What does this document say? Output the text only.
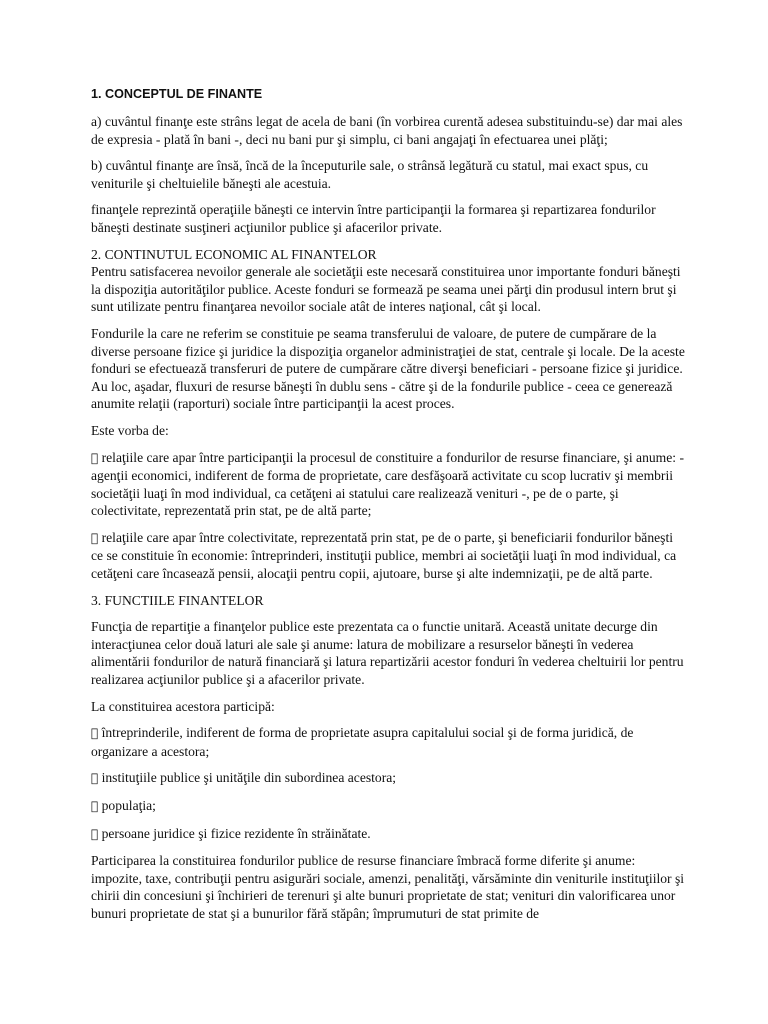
1. CONCEPTUL DE FINANTE

a) cuvântul finanţe este strâns legat de acela de bani (în vorbirea curentă adesea substituindu-se) dar mai ales de expresia - plată în bani -, deci nu bani pur şi simplu, ci bani angajaţi în efectuarea unei plăţi;

b) cuvântul finanţe are însă, încă de la începuturile sale, o strânsă legătură cu statul, mai exact spus, cu veniturile şi cheltuielile băneşti ale acestuia.

finanţele reprezintă operaţiile băneşti ce intervin între participanţii la formarea şi repartizarea fondurilor băneşti destinate susţineri acţiunilor publice şi afacerilor private.

2. CONTINUTUL ECONOMIC AL FINANTELOR

Pentru satisfacerea nevoilor generale ale societăţii este necesară constituirea unor importante fonduri băneşti la dispoziţia autorităţilor publice. Aceste fonduri se formează pe seama unei părţi din produsul intern brut şi sunt utilizate pentru finanţarea nevoilor sociale atât de interes naţional, cât şi local.

Fondurile la care ne referim se constituie pe seama transferului de valoare, de putere de cumpărare de la diverse persoane fizice şi juridice la dispoziţia organelor administraţiei de stat, centrale şi locale. De la aceste fonduri se efectuează transferuri de putere de cumpărare către diverşi beneficiari - persoane fizice şi juridice. Au loc, aşadar, fluxuri de resurse băneşti în dublu sens - către şi de la fondurile publice - ceea ce generează anumite relaţii (raporturi) sociale între participanţii la acest proces.

Este vorba de:

relaţiile care apar între participanţii la procesul de constituire a fondurilor de resurse financiare, şi anume: - agenţii economici, indiferent de forma de proprietate, care desfăşoară activitate cu scop lucrativ şi membrii societăţii luaţi în mod individual, ca cetăţeni ai statului care realizează venituri -, pe de o parte, şi colectivitate, reprezentată prin stat, pe de altă parte;
relaţiile care apar între colectivitate, reprezentată prin stat, pe de o parte, şi beneficiarii fondurilor băneşti ce se constituie în economie: întreprinderi, instituţii publice, membri ai societăţii luaţi în mod individual, ca cetăţeni care încasează pensii, alocaţii pentru copii, ajutoare, burse şi alte indemnizaţii, pe de altă parte.
3. FUNCTIILE FINANTELOR

Funcţia de repartiţie a finanţelor publice este prezentata ca o functie unitară. Această unitate decurge din interacţiunea celor două laturi ale sale şi anume: latura de mobilizare a resurselor băneşti în vederea alimentării fondurilor de natură financiară şi latura repartizării acestor fonduri în vederea cheltuirii lor pentru realizarea acţiunilor publice şi a afacerilor private.

La constituirea acestora participă:

întreprinderile, indiferent de forma de proprietate asupra capitalului social şi de forma juridică, de organizare a acestora;
instituţiile publice şi unităţile din subordinea acestora;
populaţia;
persoane juridice şi fizice rezidente în străinătate.

Participarea la constituirea fondurilor publice de resurse financiare îmbracă forme diferite şi anume: impozite, taxe, contribuţii pentru asigurări sociale, amenzi, penalităţi, vărsăminte din veniturile instituţiilor şi chirii din concesiuni şi închirieri de terenuri şi alte bunuri proprietate de stat; venituri din valorificarea unor bunuri proprietate de stat şi a bunurilor fără stăpân; împrumuturi de stat primite de
